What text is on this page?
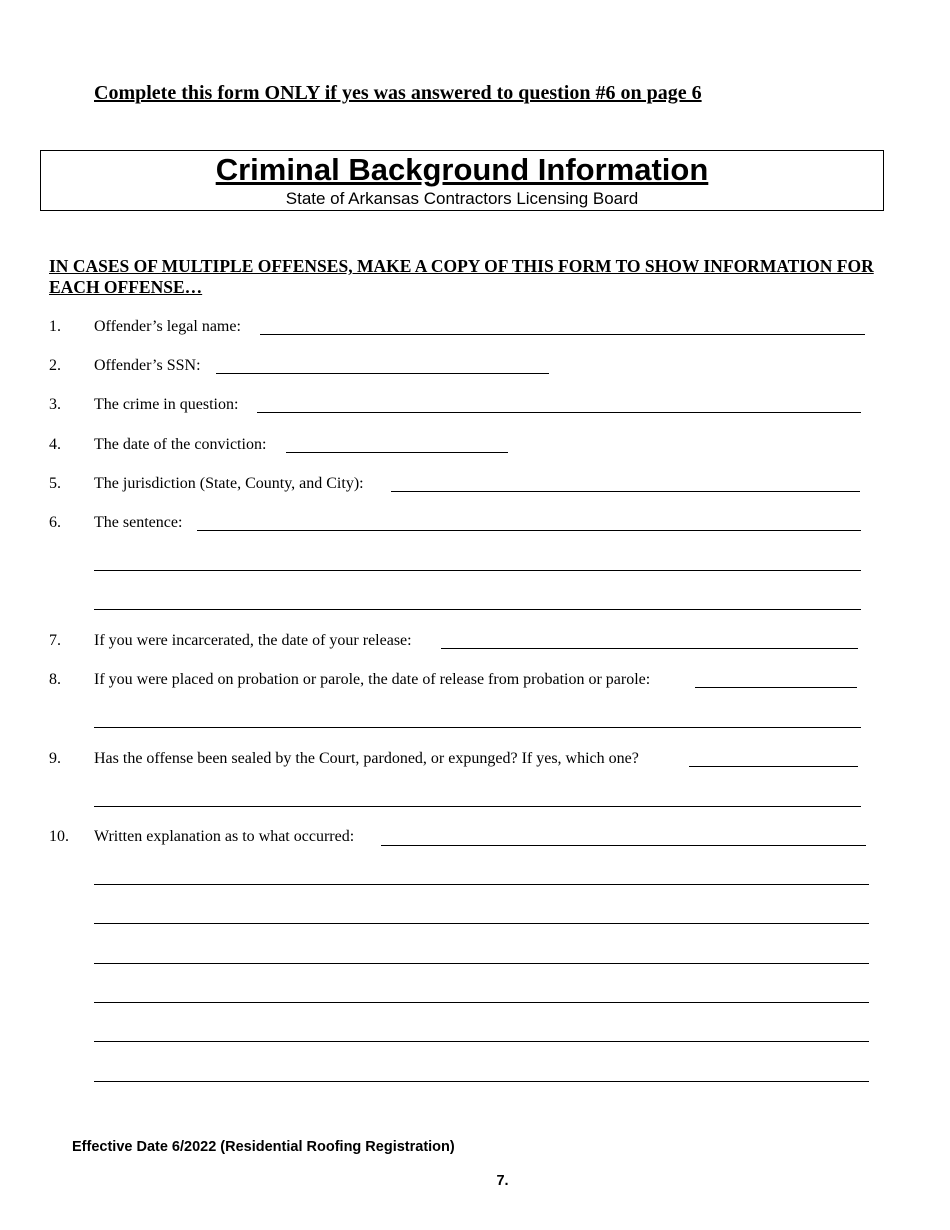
Complete this form ONLY if yes was answered to question #6 on page 6
Criminal Background Information
State of Arkansas Contractors Licensing Board
IN CASES OF MULTIPLE OFFENSES, MAKE A COPY OF THIS FORM TO SHOW INFORMATION FOR EACH OFFENSE…
1. Offender’s legal name:
2. Offender’s SSN:
3. The crime in question:
4. The date of the conviction:
5. The jurisdiction (State, County, and City):
6. The sentence:
7. If you were incarcerated, the date of your release:
8. If you were placed on probation or parole, the date of release from probation or parole:
9. Has the offense been sealed by the Court, pardoned, or expunged? If yes, which one?
10. Written explanation as to what occurred:
Effective Date 6/2022 (Residential Roofing Registration)
7.
